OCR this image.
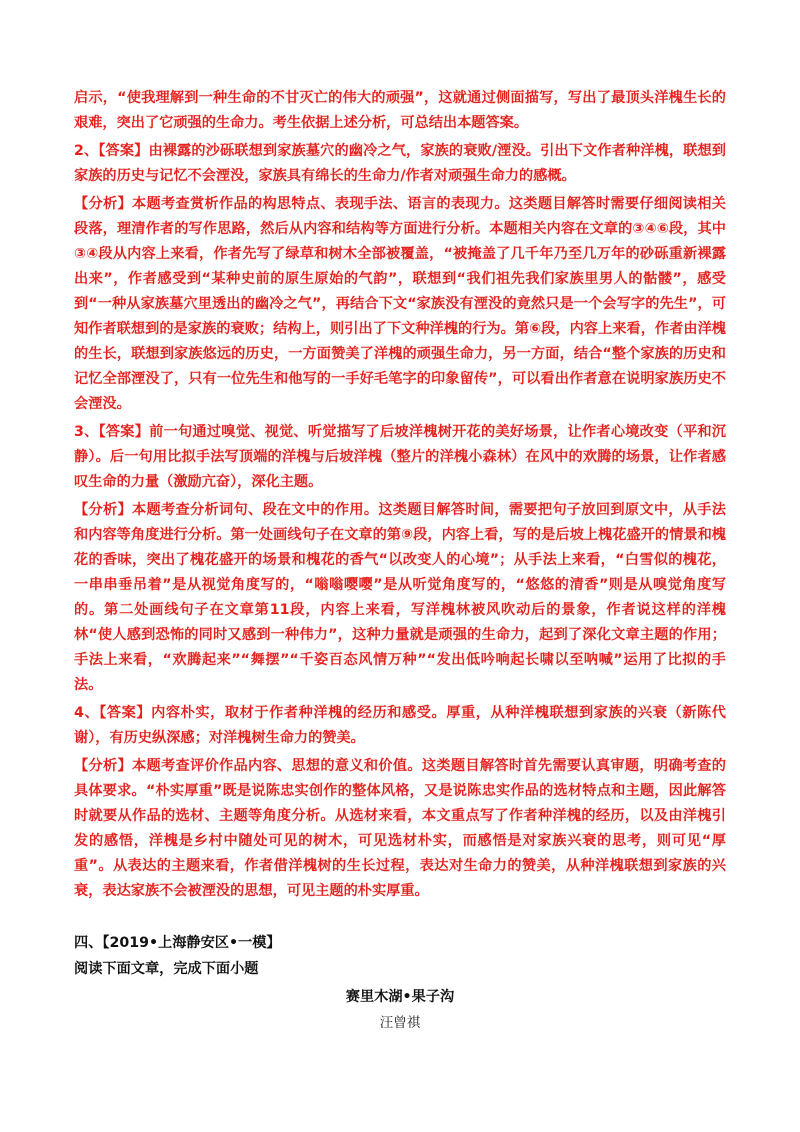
启示，“使我理解到一种生命的不甘灭亡的伟大的顽强”，这就通过侧面描写，写出了最顶头洋槐生长的艰难，突出了它顽强的生命力。考生依据上述分析，可总结出本题答案。

2、【答案】由裸露的沙砾联想到家族墓穴的幽冷之气，家族的衰败/湮没。引出下文作者种洋槐，联想到家族的历史与记忆不会湮没，家族具有绵长的生命力/作者对顽强生命力的感概。

【分析】本题考查赏析作品的构思特点、表现手法、语言的表现力。这类题目解答时需要仔细阅读相关段落，理清作者的写作思路，然后从内容和结构等方面进行分析。本题相关内容在文章的③④⑥段，其中③④段从内容上来看，作者先写了绿草和树木全部被覆盖，“被掩盖了几千年乃至几万年的砂砾重新裸露出来”，作者感受到“某种史前的原生原始的气韵”，联想到“我们祖先我们家族里男人的骷髅”，感受到“一种从家族墓穴里透出的幽冷之气”，再结合下文“家族没有湮没的竟然只是一个会写字的先生”，可知作者联想到的是家族的衰败；结构上，则引出了下文种洋槐的行为。第⑥段，内容上来看，作者由洋槐的生长，联想到家族悠远的历史，一方面赞美了洋槐的顽强生命力，另一方面，结合“整个家族的历史和记忆全部湮没了，只有一位先生和他写的一手好毛笔字的印象留传”，可以看出作者意在说明家族历史不会湮没。

3、【答案】前一句通过嗅觉、视觉、听觉描写了后坡洋槐树开花的美好场景，让作者心境改变（平和沉静）。后一句用比拟手法写顶端的洋槐与后坡洋槐（整片的洋槐小森林）在风中的欢腾的场景，让作者感叹生命的力量（激励亢奋），深化主题。

【分析】本题考查分析词句、段在文中的作用。这类题目解答时间，需要把句子放回到原文中，从手法和内容等角度进行分析。第一处画线句子在文章的第⑨段，内容上看，写的是后坡上槐花盛开的情景和槐花的香味，突出了槐花盛开的场景和槐花的香气“以改变人的心境”；从手法上来看，“白雪似的槐花，一串串垂吊着”是从视觉角度写的，“嗡嗡嘤嘤”是从听觉角度写的，“悠悠的清香”则是从嗅觉角度写的。第二处画线句子在文章第11段，内容上来看，写洋槐林被风吹动后的景象，作者说这样的洋槐林“使人感到恐怖的同时又感到一种伟力”，这种力量就是顽强的生命力，起到了深化文章主题的作用；手法上来看，“欢腾起来”“舞摆”“千姿百态风情万种”“发出低吟响起长啸以至呐喊”运用了比拟的手法。

4、【答案】内容朴实，取材于作者种洋槐的经历和感受。厚重，从种洋槐联想到家族的兴衰（新陈代谢），有历史纵深感；对洋槐树生命力的赞美。

【分析】本题考查评价作品内容、思想的意义和价值。这类题目解答时首先需要认真审题，明确考查的具体要求。“朴实厚重”既是说陈忠实创作的整体风格，又是说陈忠实作品的选材特点和主题，因此解答时就要从作品的选材、主题等角度分析。从选材来看，本文重点写了作者种洋槐的经历，以及由洋槐引发的感悟，洋槐是乡村中随处可见的树木，可见选材朴实，而感悟是对家族兴衰的思考，则可见“厚重”。从表达的主题来看，作者借洋槐树的生长过程，表达对生命力的赞美，从种洋槐联想到家族的兴衰，表达家族不会被湮没的思想，可见主题的朴实厚重。

四、【2019•上海静安区•一模】

阅读下面文章，完成下面小题

赛里木湖•果子沟

汪曾祺
